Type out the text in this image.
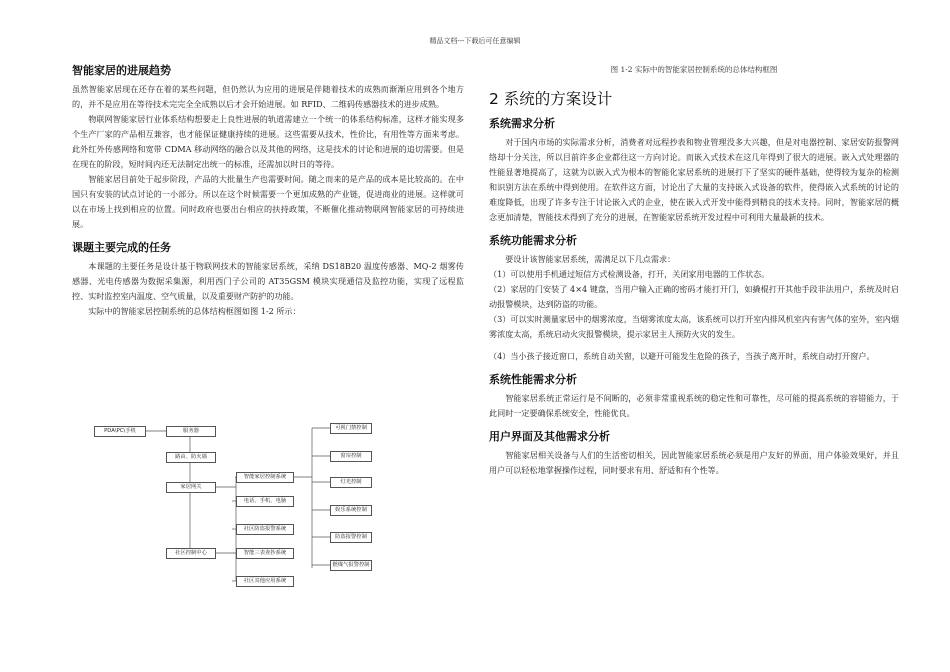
精品文档---下载后可任意编辑
智能家居的进展趋势

虽然智能家居现在还存在着的某些问题，但仍然认为应用的进展是伴随着技术的成熟而渐渐应用到各个地方的，并不是应用在等待技术完完全全成熟以后才会开始进展。如 RFID、二维码传感器技术的进步成熟。

物联网智能家居行业体系结构想要走上良性进展的轨道需建立一个统一的体系结构标准，这样才能实现多个生产厂家的产品相互兼容，也才能保证健康持续的进展。这些需要从技术，性价比，有用性等方面来考虑。此外红外传感网络和宽带 CDMA 移动网络的融合以及其他的网络，这是技术的讨论和进展的追切需要。但是在现在的阶段，短时间内还无法制定出统一的标准，还需加以时日的等待。

智能家居目前处于起步阶段，产品的大批量生产也需要时间。随之而来的是产品的成本是比较高的。在中国只有安装的试点讨论的一小部分。所以在这个时候需要一个更加成熟的产业链，促进商业的进展。这样就可以在市场上找到相应的位置。同时政府也要出台相应的扶持政策，不断催化推动物联网智能家居的可持续进展。

课题主要完成的任务

本课题的主要任务是设计基于物联网技术的智能家居系统，采纳 DS18B20 温度传感器、MQ-2 烟雾传感器、光电传感器为数据采集源，利用西门子公司的 AT35GSM 模块实现通信及监控功能，实现了远程监控、实时监控室内温度、空气质量，以及重要财产防护的功能。

实际中的智能家居控制系统的总体结构框图如图 1-2 所示：

PDA\PC\手机	服务器
路由、防火墙
家居网关
社区控制中心
智能家居控制系统
电话、手机、电脑
社区防盗报警系统
智能三表查抄系统
社区其他应用系统
可视门禁控制
窗帘控制
灯光控制
娱乐系统控制
防盗报警控制
燃煤气报警控制

图 1-2 实际中的智能家居控制系统的总体结构框图

2 系统的方案设计
系统需求分析

对于国内市场的实际需求分析，消费者对远程抄表和物业管理没多大兴趣，但是对电器控制、家居安防报警网络却十分关注，所以目前许多企业都往这一方向讨论。而嵌入式技术在这几年得到了很大的进展。嵌入式处理器的性能显著地提高了，这就为以嵌入式为根本的智能化家居系统的进展打下了坚实的硬件基础，使得较为复杂的检测和识别方法在系统中得到使用。在软件这方面，讨论出了大量的支持嵌入式设备的软件，使得嵌入式系统的讨论的难度降低，出现了许多专注于讨论嵌入式的企业，使在嵌入式开发中能得到精良的技术支持。同时，智能家居的概念更加清楚，智能技术得到了充分的进展，在智能家居系统开发过程中可利用大量最新的技术。

系统功能需求分析

要设计该智能家居系统，需满足以下几点需求：

（1）可以使用手机通过短信方式检测设备，打开，关闭家用电器的工作状态。

（2）家居的门安装了 4×4 键盘，当用户输入正确的密码才能打开门，如撬棍打开其他手段非法用户，系统及时启动报警模块，达到防盗的功能。

（3）可以实时测量家居中的烟雾浓度，当烟雾浓度太高，该系统可以打开室内排风机室内有害气体的室外，室内烟雾浓度太高，系统启动火灾报警模块，提示家居主人预防火灾的发生。

（4）当小孩子接近窗口，系统自动关窗，以避开可能发生危险的孩子，当孩子离开时，系统自动打开窗户。

系统性能需求分析

智能家居系统正常运行是不间断的，必须非常重视系统的稳定性和可靠性，尽可能的提高系统的容错能力，于此同时一定要确保系统安全，性能优良。

用户界面及其他需求分析

智能家居相关设备与人们的生活密切相关，因此智能家居系统必须是用户友好的界面，用户体验效果好，并且用户可以轻松地掌握操作过程，同时要求有用、舒适和有个性等。
